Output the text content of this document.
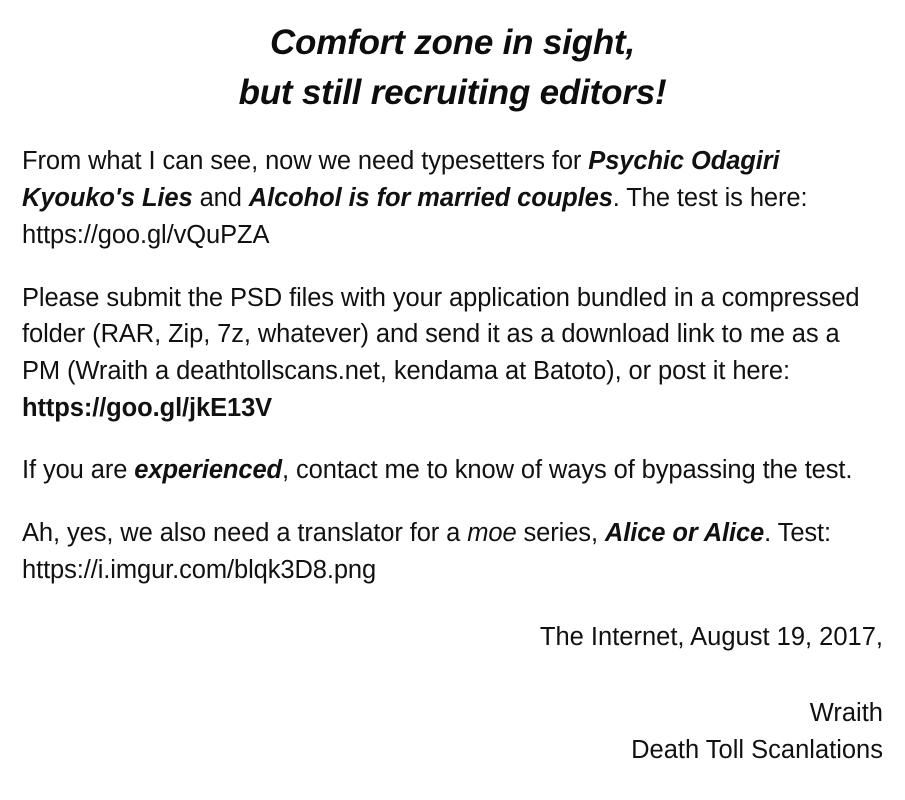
Comfort zone in sight,
but still recruiting editors!

From what I can see, now we need typesetters for Psychic Odagiri Kyouko's Lies and Alcohol is for married couples. The test is here:
https://goo.gl/vQuPZA

Please submit the PSD files with your application bundled in a compressed folder (RAR, Zip, 7z, whatever) and send it as a download link to me as a PM (Wraith a deathtollscans.net, kendama at Batoto), or post it here: https://goo.gl/jkE13V

If you are experienced, contact me to know of ways of bypassing the test.

Ah, yes, we also need a translator for a moe series, Alice or Alice. Test:
https://i.imgur.com/blqk3D8.png

The Internet, August 19, 2017,
Wraith
Death Toll Scanlations
